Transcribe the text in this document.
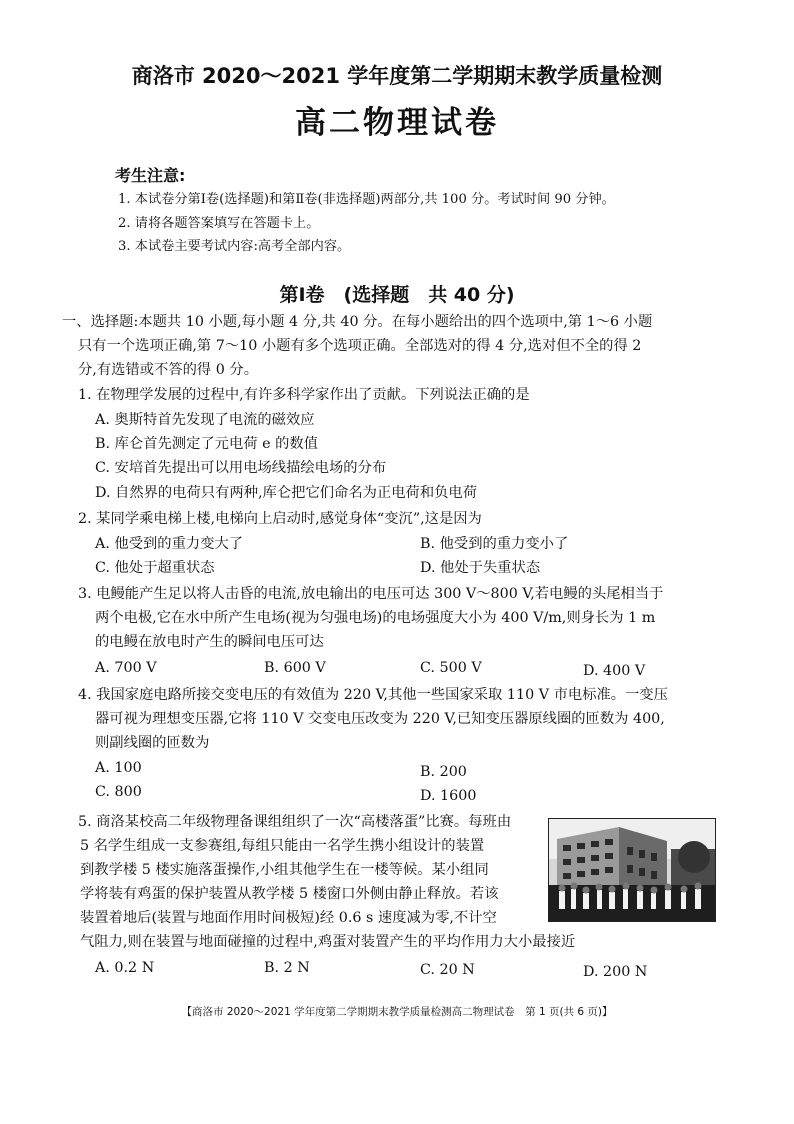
商洛市 2020～2021 学年度第二学期期末教学质量检测
高二物理试卷
考生注意:
1. 本试卷分第Ⅰ卷(选择题)和第Ⅱ卷(非选择题)两部分,共 100 分。考试时间 90 分钟。
2. 请将各题答案填写在答题卡上。
3. 本试卷主要考试内容:高考全部内容。
第Ⅰ卷　(选择题　共 40 分)
一、选择题:本题共 10 小题,每小题 4 分,共 40 分。在每小题给出的四个选项中,第 1～6 小题
只有一个选项正确,第 7～10 小题有多个选项正确。全部选对的得 4 分,选对但不全的得 2
分,有选错或不答的得 0 分。
1. 在物理学发展的过程中,有许多科学家作出了贡献。下列说法正确的是
A. 奥斯特首先发现了电流的磁效应
B. 库仑首先测定了元电荷 e 的数值
C. 安培首先提出可以用电场线描绘电场的分布
D. 自然界的电荷只有两种,库仑把它们命名为正电荷和负电荷
2. 某同学乘电梯上楼,电梯向上启动时,感觉身体“变沉”,这是因为
A. 他受到的重力变大了	B. 他受到的重力变小了
C. 他处于超重状态	D. 他处于失重状态
3. 电鳗能产生足以将人击昏的电流,放电输出的电压可达 300 V～800 V,若电鳗的头尾相当于
两个电极,它在水中所产生电场(视为匀强电场)的电场强度大小为 400 V/m,则身长为 1 m
的电鳗在放电时产生的瞬间电压可达
A. 700 V	B. 600 V	C. 500 V	D. 400 V
4. 我国家庭电路所接交变电压的有效值为 220 V,其他一些国家采取 110 V 市电标准。一变压
器可视为理想变压器,它将 110 V 交变电压改变为 220 V,已知变压器原线圈的匝数为 400,
则副线圈的匝数为
A. 100	B. 200
C. 800	D. 1600
5. 商洛某校高二年级物理备课组组织了一次“高楼落蛋”比赛。每班由
5 名学生组成一支参赛组,每组只能由一名学生携小组设计的装置
到教学楼 5 楼实施落蛋操作,小组其他学生在一楼等候。某小组同
学将装有鸡蛋的保护装置从教学楼 5 楼窗口外侧由静止释放。若该
装置着地后(装置与地面作用时间极短)经 0.6 s 速度减为零,不计空
气阻力,则在装置与地面碰撞的过程中,鸡蛋对装置产生的平均作用力大小最接近
A. 0.2 N	B. 2 N	C. 20 N	D. 200 N
【商洛市 2020～2021 学年度第二学期期末教学质量检测高二物理试卷　第 1 页(共 6 页)】
